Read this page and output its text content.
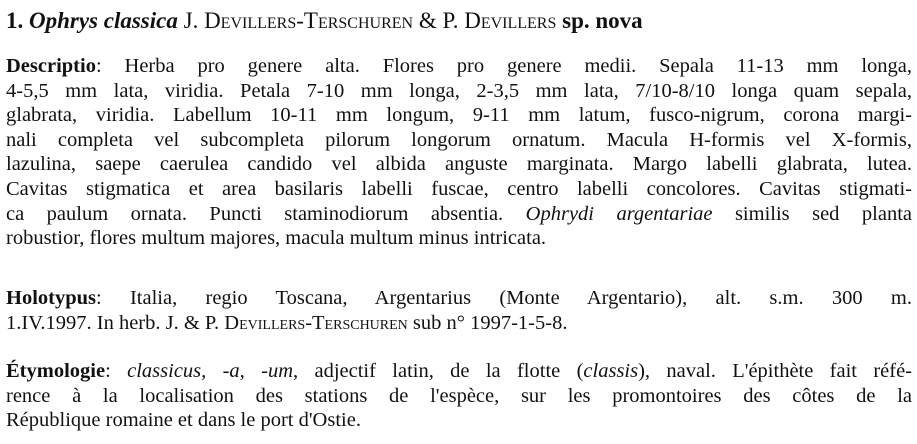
1. Ophrys classica J. Devillers-Terschuren & P. Devillers sp. nova
Descriptio: Herba pro genere alta. Flores pro genere medii. Sepala 11-13 mm longa,
4-5,5 mm lata, viridia. Petala 7-10 mm longa, 2-3,5 mm lata, 7/10-8/10 longa quam sepala,
glabrata, viridia. Labellum 10-11 mm longum, 9-11 mm latum, fusco-nigrum, corona margi-
nali completa vel subcompleta pilorum longorum ornatum. Macula H-formis vel X-formis,
lazulina, saepe caerulea candido vel albida anguste marginata. Margo labelli glabrata, lutea.
Cavitas stigmatica et area basilaris labelli fuscae, centro labelli concolores. Cavitas stigmati-
ca paulum ornata. Puncti staminodiorum absentia. Ophrydi argentariae similis sed planta
robustior, flores multum majores, macula multum minus intricata.
Holotypus: Italia, regio Toscana, Argentarius (Monte Argentario), alt. s.m. 300 m.
1.IV.1997. In herb. J. & P. Devillers-Terschuren sub n° 1997-1-5-8.
Étymologie: classicus, -a, -um, adjectif latin, de la flotte (classis), naval. L'épithète fait réfé-
rence à la localisation des stations de l'espèce, sur les promontoires des côtes de la
République romaine et dans le port d'Ostie.
